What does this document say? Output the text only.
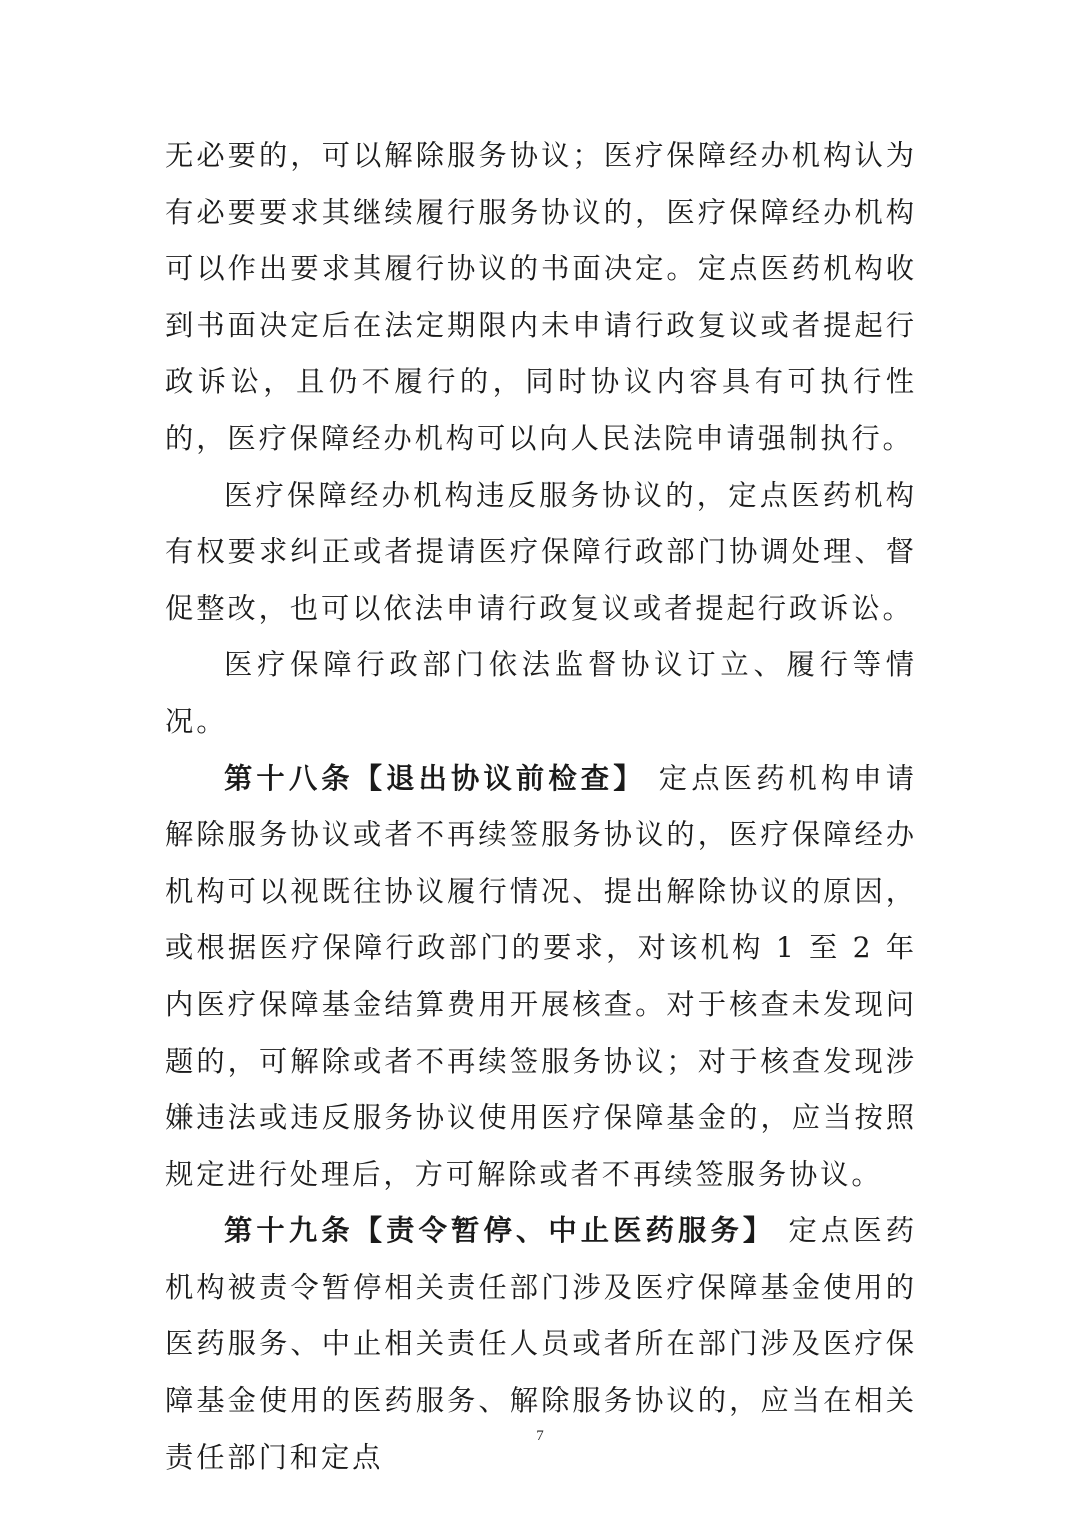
无必要的，可以解除服务协议；医疗保障经办机构认为有必要要求其继续履行服务协议的，医疗保障经办机构可以作出要求其履行协议的书面决定。定点医药机构收到书面决定后在法定期限内未申请行政复议或者提起行政诉讼，且仍不履行的，同时协议内容具有可执行性的，医疗保障经办机构可以向人民法院申请强制执行。

医疗保障经办机构违反服务协议的，定点医药机构有权要求纠正或者提请医疗保障行政部门协调处理、督促整改，也可以依法申请行政复议或者提起行政诉讼。

医疗保障行政部门依法监督协议订立、履行等情况。

第十八条【退出协议前检查】 定点医药机构申请解除服务协议或者不再续签服务协议的，医疗保障经办机构可以视既往协议履行情况、提出解除协议的原因，或根据医疗保障行政部门的要求，对该机构 1 至 2 年内医疗保障基金结算费用开展核查。对于核查未发现问题的，可解除或者不再续签服务协议；对于核查发现涉嫌违法或违反服务协议使用医疗保障基金的，应当按照规定进行处理后，方可解除或者不再续签服务协议。

第十九条【责令暂停、中止医药服务】 定点医药机构被责令暂停相关责任部门涉及医疗保障基金使用的医药服务、中止相关责任人员或者所在部门涉及医疗保障基金使用的医药服务、解除服务协议的，应当在相关责任部门和定点

7
